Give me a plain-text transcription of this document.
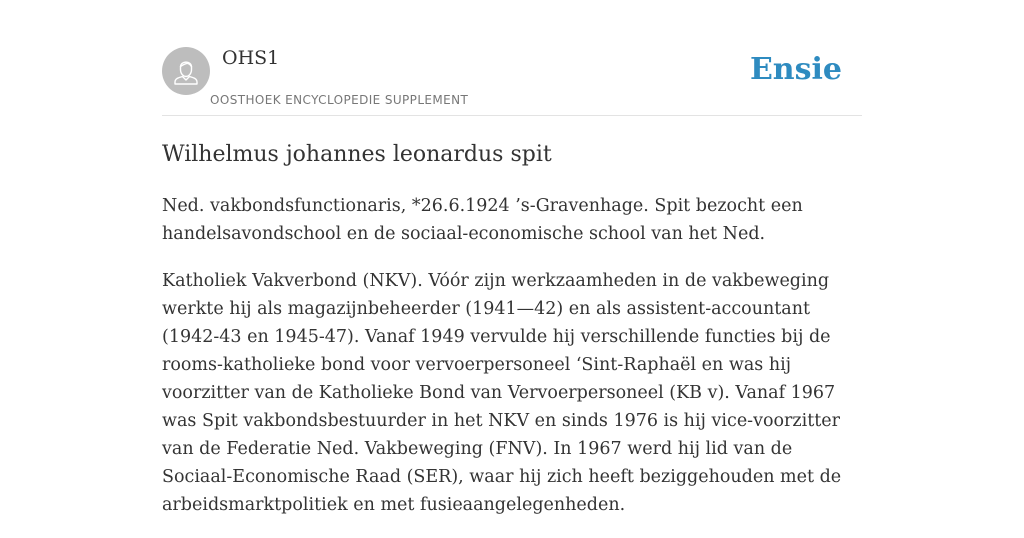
OHS1
OOSTHOEK ENCYCLOPEDIE SUPPLEMENT
Ensie
Wilhelmus johannes leonardus spit

Ned. vakbondsfunctionaris, *26.6.1924 ’s-Gravenhage. Spit bezocht een handelsavondschool en de sociaal-economische school van het Ned.

Katholiek Vakverbond (NKV). Vóór zijn werkzaamheden in de vakbeweging werkte hij als magazijnbeheerder (1941—42) en als assistent-accountant (1942-43 en 1945-47). Vanaf 1949 vervulde hij verschillende functies bij de rooms-katholieke bond voor vervoerpersoneel ‘Sint-Raphaël en was hij voorzitter van de Katholieke Bond van Vervoerpersoneel (KB v). Vanaf 1967 was Spit vakbondsbestuurder in het NKV en sinds 1976 is hij vice-voorzitter van de Federatie Ned. Vakbeweging (FNV). In 1967 werd hij lid van de Sociaal-Economische Raad (SER), waar hij zich heeft beziggehouden met de arbeidsmarktpolitiek en met fusieaangelegenheden.
